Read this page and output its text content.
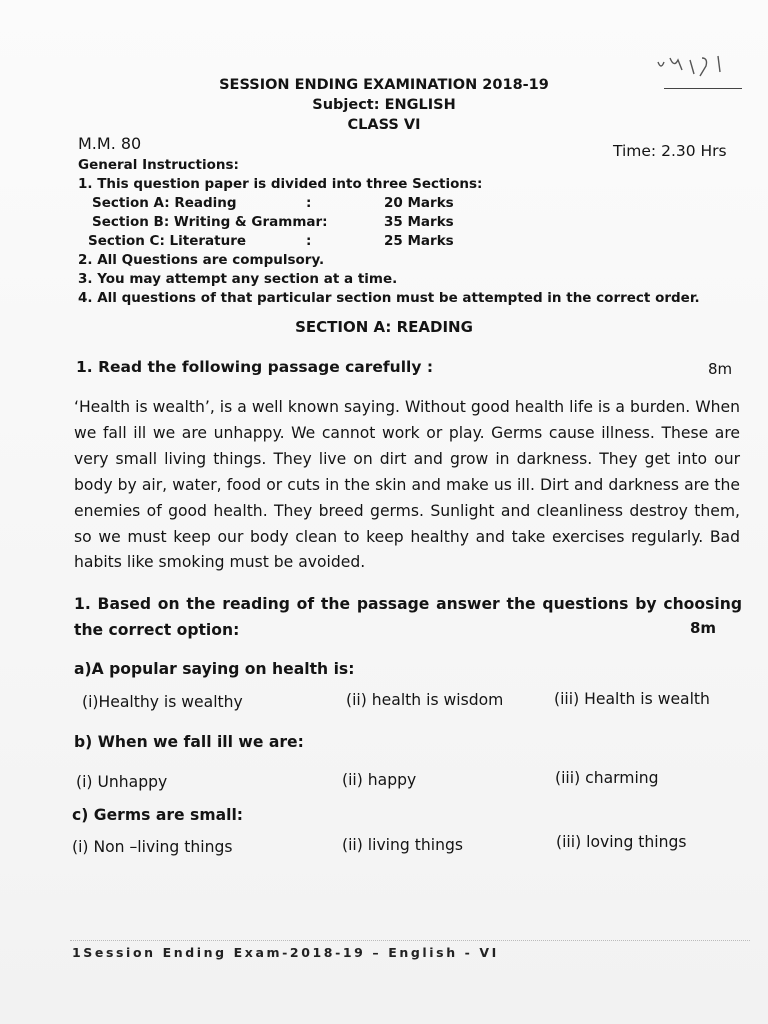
SESSION ENDING EXAMINATION 2018-19
Subject: ENGLISH
CLASS VI
M.M. 80	Time: 2.30 Hrs
General Instructions:
1. This question paper is divided into three Sections:
Section A: Reading	:	20 Marks
Section B: Writing & Grammar:	35 Marks
Section C: Literature	:	25 Marks
2. All Questions are compulsory.
3. You may attempt any section at a time.
4. All questions of that particular section must be attempted in the correct order.
SECTION A: READING
1. Read the following passage carefully :	8m
‘Health is wealth’, is a well known saying. Without good health life is a burden. When we fall ill we are unhappy. We cannot work or play. Germs cause illness. These are very small living things. They live on dirt and grow in darkness. They get into our body by air, water, food or cuts in the skin and make us ill. Dirt and darkness are the enemies of good health. They breed germs. Sunlight and cleanliness destroy them, so we must keep our body clean to keep healthy and take exercises regularly. Bad habits like smoking must be avoided.
1. Based on the reading of the passage answer the questions by choosing the correct option:	8m
a)A popular saying on health is:
(i)Healthy is wealthy	(ii) health is wisdom	(iii) Health is wealth
b) When we fall ill we are:
(i) Unhappy	(ii) happy	(iii) charming
c) Germs are small:
(i) Non –living things	(ii) living things	(iii) loving things
1Session Ending Exam-2018-19 – English - VI
